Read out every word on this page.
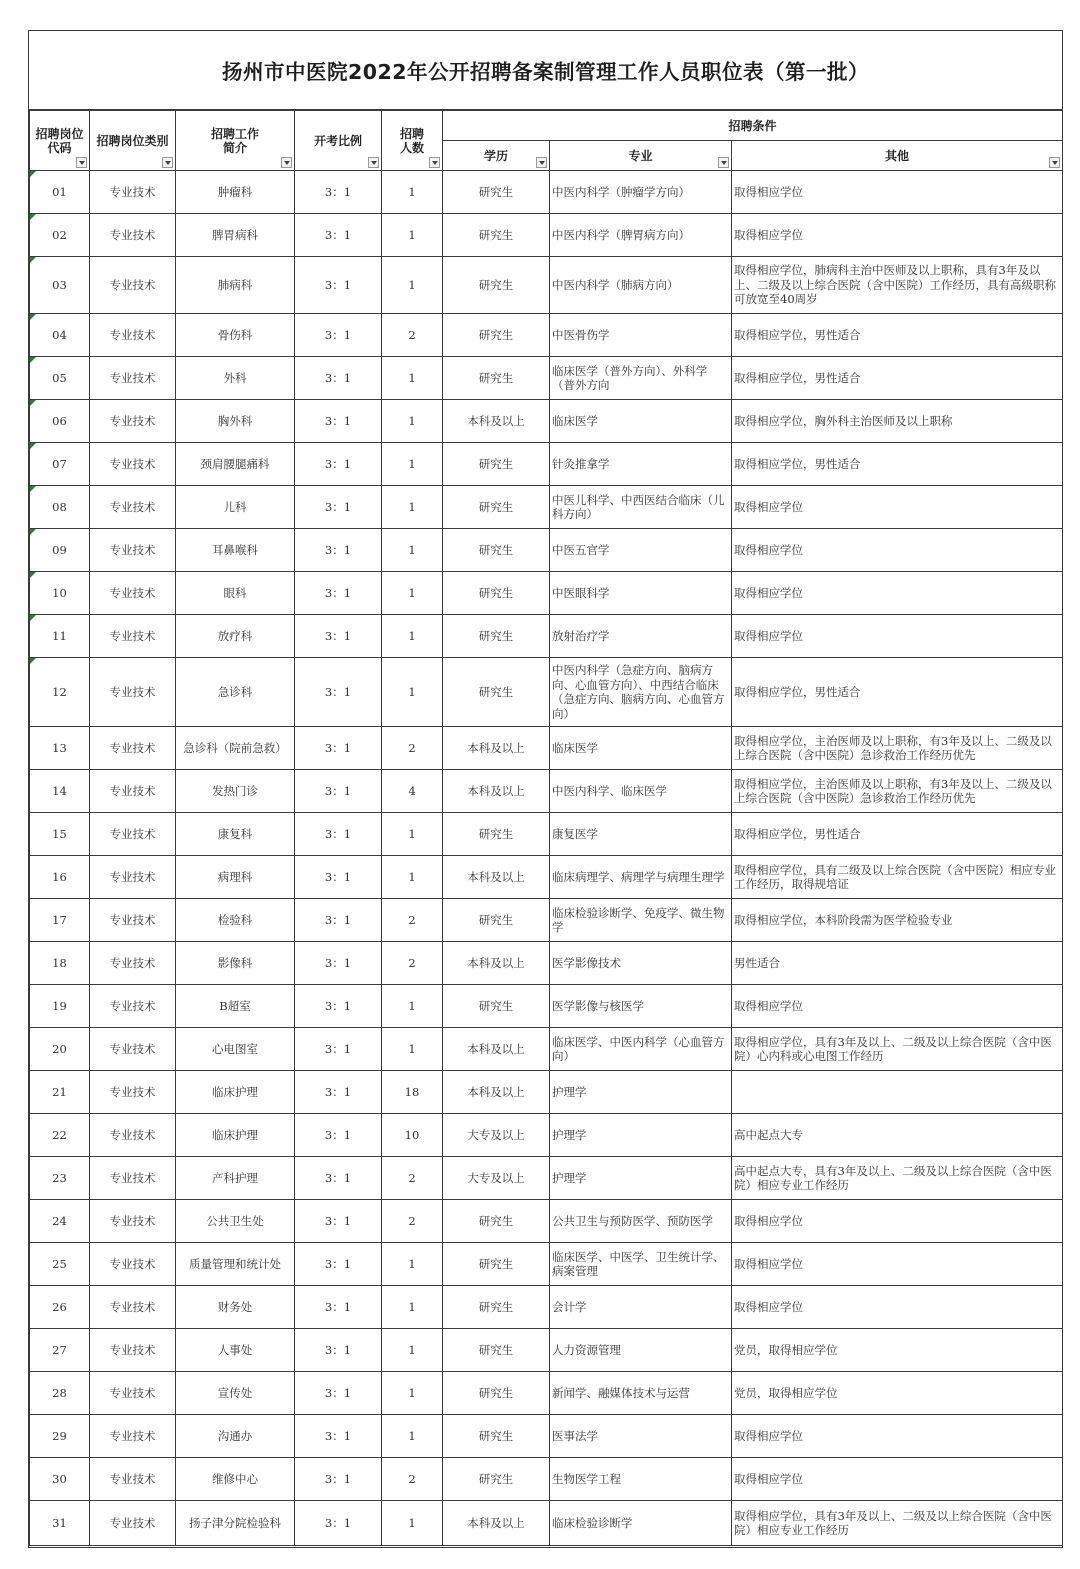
扬州市中医院2022年公开招聘备案制管理工作人员职位表（第一批）
招聘岗位
代码	招聘岗位类别	招聘工作
简介	开考比例	招聘
人数	招聘条件		
					学历	专业	其他

01	专业技术	肿瘤科	3：1	1	研究生	中医内科学（肿瘤学方向）	取得相应学位

02	专业技术	脾胃病科	3：1	1	研究生	中医内科学（脾胃病方向）	取得相应学位

03	专业技术	肺病科	3：1	1	研究生	中医内科学（肺病方向）	取得相应学位，肺病科主治中医师及以上职称，具有3年及以上、二级及以上综合医院（含中医院）工作经历，具有高级职称可放宽至40周岁

04	专业技术	骨伤科	3：1	2	研究生	中医骨伤学	取得相应学位，男性适合

05	专业技术	外科	3：1	1	研究生	临床医学（普外方向）、外科学（普外方向	取得相应学位，男性适合

06	专业技术	胸外科	3：1	1	本科及以上	临床医学	取得相应学位，胸外科主治医师及以上职称

07	专业技术	颈肩腰腿痛科	3：1	1	研究生	针灸推拿学	取得相应学位，男性适合

08	专业技术	儿科	3：1	1	研究生	中医儿科学、中西医结合临床（儿科方向）	取得相应学位

09	专业技术	耳鼻喉科	3：1	1	研究生	中医五官学	取得相应学位

10	专业技术	眼科	3：1	1	研究生	中医眼科学	取得相应学位

11	专业技术	放疗科	3：1	1	研究生	放射治疗学	取得相应学位

12	专业技术	急诊科	3：1	1	研究生	中医内科学（急症方向、脑病方向、心血管方向）、中西结合临床（急症方向、脑病方向、心血管方向）	取得相应学位，男性适合
13	专业技术	急诊科（院前急救）	3：1	2	本科及以上	临床医学	取得相应学位，主治医师及以上职称，有3年及以上、二级及以上综合医院（含中医院）急诊救治工作经历优先
14	专业技术	发热门诊	3：1	4	本科及以上	中医内科学、临床医学	取得相应学位，主治医师及以上职称，有3年及以上、二级及以上综合医院（含中医院）急诊救治工作经历优先
15	专业技术	康复科	3：1	1	研究生	康复医学	取得相应学位，男性适合
16	专业技术	病理科	3：1	1	本科及以上	临床病理学、病理学与病理生理学	取得相应学位，具有二级及以上综合医院（含中医院）相应专业工作经历，取得规培证
17	专业技术	检验科	3：1	2	研究生	临床检验诊断学、免疫学、微生物学	取得相应学位，本科阶段需为医学检验专业
18	专业技术	影像科	3：1	2	本科及以上	医学影像技术	男性适合
19	专业技术	B超室	3：1	1	研究生	医学影像与核医学	取得相应学位
20	专业技术	心电图室	3：1	1	本科及以上	临床医学、中医内科学（心血管方向）	取得相应学位，具有3年及以上、二级及以上综合医院（含中医院）心内科或心电图工作经历
21	专业技术	临床护理	3：1	18	本科及以上	护理学	
22	专业技术	临床护理	3：1	10	大专及以上	护理学	高中起点大专
23	专业技术	产科护理	3：1	2	大专及以上	护理学	高中起点大专，具有3年及以上、二级及以上综合医院（含中医院）相应专业工作经历
24	专业技术	公共卫生处	3：1	2	研究生	公共卫生与预防医学、预防医学	取得相应学位
25	专业技术	质量管理和统计处	3：1	1	研究生	临床医学、中医学、卫生统计学、病案管理	取得相应学位
26	专业技术	财务处	3：1	1	研究生	会计学	取得相应学位
27	专业技术	人事处	3：1	1	研究生	人力资源管理	党员，取得相应学位
28	专业技术	宣传处	3：1	1	研究生	新闻学、融媒体技术与运营	党员，取得相应学位
29	专业技术	沟通办	3：1	1	研究生	医事法学	取得相应学位
30	专业技术	维修中心	3：1	2	研究生	生物医学工程	取得相应学位
31	专业技术	扬子津分院检验科	3：1	1	本科及以上	临床检验诊断学	取得相应学位，具有3年及以上、二级及以上综合医院（含中医院）相应专业工作经历
